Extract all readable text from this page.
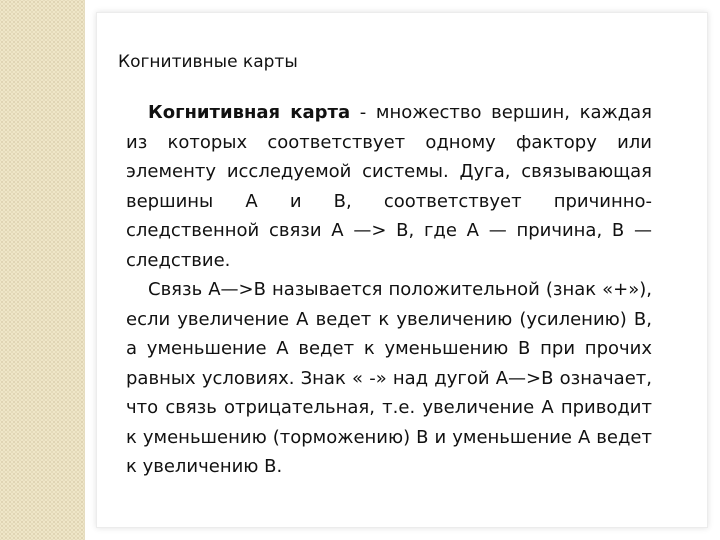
Когнитивные карты

Когнитивная карта - множество вершин, каждая из которых соответствует одному фактору или элементу исследуемой системы. Дуга, связывающая вершины А и В, соответствует причинно-следственной связи А —> В, где А — причина, В — следствие.

Связь А—>В называется положительной (знак «+»), если увеличение А ведет к увеличению (усилению) В, а уменьшение А ведет к уменьшению В при прочих равных условиях. Знак « -» над дугой А—>В означает, что связь отрицательная, т.е. увеличение А приводит к уменьшению (торможению) В и уменьшение А ведет к увеличению В.
